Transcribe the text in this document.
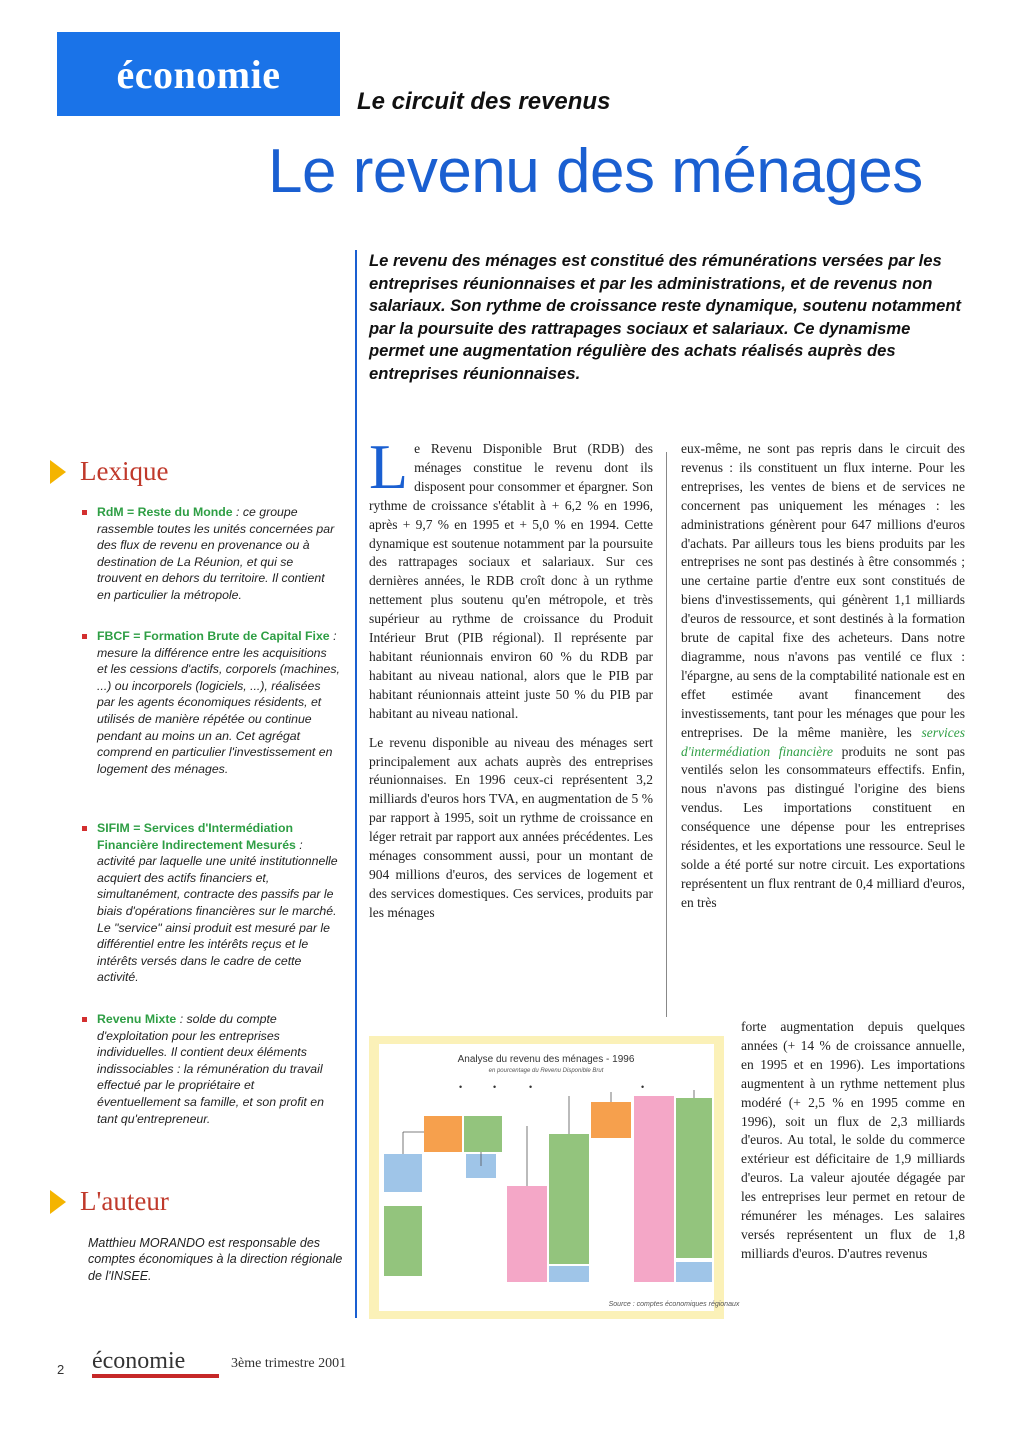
économie
Le circuit des revenus
Le revenu des ménages
Le revenu des ménages est constitué des rémunérations versées par les entreprises réunionnaises et par les administrations, et de revenus non salariaux. Son rythme de croissance reste dynamique, soutenu notamment par la poursuite des rattrapages sociaux et salariaux. Ce dynamisme permet une augmentation régulière des achats réalisés auprès des entreprises réunionnaises.
Lexique
RdM = Reste du Monde : ce groupe rassemble toutes les unités concernées par des flux de revenu en provenance ou à destination de La Réunion, et qui se trouvent en dehors du territoire. Il contient en particulier la métropole.
FBCF = Formation Brute de Capital Fixe : mesure la différence entre les acquisitions et les cessions d'actifs, corporels (machines, ...) ou incorporels (logiciels, ...), réalisées par les agents économiques résidents, et utilisés de manière répétée ou continue pendant au moins un an. Cet agrégat comprend en particulier l'investissement en logement des ménages.
SIFIM = Services d'Intermédiation Financière Indirectement Mesurés : activité par laquelle une unité institutionnelle acquiert des actifs financiers et, simultanément, contracte des passifs par le biais d'opérations financières sur le marché. Le "service" ainsi produit est mesuré par le différentiel entre les intérêts reçus et le intérêts versés dans le cadre de cette activité.
Revenu Mixte : solde du compte d'exploitation pour les entreprises individuelles. Il contient deux éléments indissociables : la rémunération du travail effectué par le propriétaire et éventuellement sa famille, et son profit en tant qu'entrepreneur.
L'auteur
Matthieu MORANDO est responsable des comptes économiques à la direction régionale de l'INSEE.

Le Revenu Disponible Brut (RDB) des ménages constitue le revenu dont ils disposent pour consommer et épargner. Son rythme de croissance s'établit à + 6,2 % en 1996, après + 9,7 % en 1995 et + 5,0 % en 1994. Cette dynamique est soutenue notamment par la poursuite des rattrapages sociaux et salariaux. Sur ces dernières années, le RDB croît donc à un rythme nettement plus soutenu qu'en métropole, et très supérieur au rythme de croissance du Produit Intérieur Brut (PIB régional). Il représente par habitant réunionnais environ 60 % du RDB par habitant au niveau national, alors que le PIB par habitant réunionnais atteint juste 50 % du PIB par habitant au niveau national.

Le revenu disponible au niveau des ménages sert principalement aux achats auprès des entreprises réunionnaises. En 1996 ceux-ci représentent 3,2 milliards d'euros hors TVA, en augmentation de 5 % par rapport à 1995, soit un rythme de croissance en léger retrait par rapport aux années précédentes. Les ménages consomment aussi, pour un montant de 904 millions d'euros, des services de logement et des services domestiques. Ces services, produits par les ménages

eux-même, ne sont pas repris dans le circuit des revenus : ils constituent un flux interne. Pour les entreprises, les ventes de biens et de services ne concernent pas uniquement les ménages : les administrations génèrent pour 647 millions d'euros d'achats. Par ailleurs tous les biens produits par les entreprises ne sont pas destinés à être consommés ; une certaine partie d'entre eux sont constitués de biens d'investissements, qui génèrent 1,1 milliards d'euros de ressource, et sont destinés à la formation brute de capital fixe des acheteurs. Dans notre diagramme, nous n'avons pas ventilé ce flux : l'épargne, au sens de la comptabilité nationale est en effet estimée avant financement des investissements, tant pour les ménages que pour les entreprises. De la même manière, les services d'intermédiation financière produits ne sont pas ventilés selon les consommateurs effectifs. Enfin, nous n'avons pas distingué l'origine des biens vendus. Les importations constituent en conséquence une dépense pour les entreprises résidentes, et les exportations une ressource. Seul le solde a été porté sur notre circuit. Les exportations représentent un flux rentrant de 0,4 milliard d'euros, en très

forte augmentation depuis quelques années (+ 14 % de croissance annuelle, en 1995 et en 1996). Les importations augmentent à un rythme nettement plus modéré (+ 2,5 % en 1995 comme en 1996), soit un flux de 2,3 milliards d'euros. Au total, le solde du commerce extérieur est déficitaire de 1,9 milliards d'euros. La valeur ajoutée dégagée par les entreprises leur permet en retour de rémunérer les ménages. Les salaires versés représentent un flux de 1,8 milliards d'euros. D'autres revenus

Analyse du revenu des ménages - 1996
en pourcentage du Revenu Disponible Brut
•	•	•	•
Source : comptes économiques régionaux
2 économie	3ème trimestre 2001
